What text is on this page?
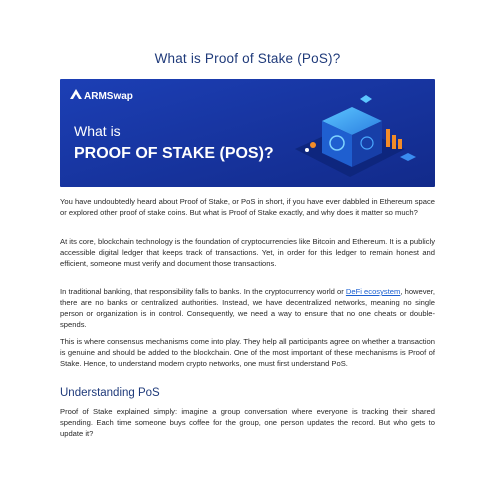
What is Proof of Stake (PoS)?
ARMSwap
What is
PROOF OF STAKE (POS)?
You have undoubtedly heard about Proof of Stake, or PoS in short, if you have ever dabbled in Ethereum space or explored other proof of stake coins. But what is Proof of Stake exactly, and why does it matter so much?
At its core, blockchain technology is the foundation of cryptocurrencies like Bitcoin and Ethereum. It is a publicly accessible digital ledger that keeps track of transactions. Yet, in order for this ledger to remain honest and efficient, someone must verify and document those transactions.
In traditional banking, that responsibility falls to banks. In the cryptocurrency world or DeFi ecosystem, however, there are no banks or centralized authorities. Instead, we have decentralized networks, meaning no single person or organization is in control. Consequently, we need a way to ensure that no one cheats or double-spends.
This is where consensus mechanisms come into play. They help all participants agree on whether a transaction is genuine and should be added to the blockchain. One of the most important of these mechanisms is Proof of Stake. Hence, to understand modern crypto networks, one must first understand PoS.
Understanding PoS
Proof of Stake explained simply: imagine a group conversation where everyone is tracking their shared spending. Each time someone buys coffee for the group, one person updates the record. But who gets to update it?
